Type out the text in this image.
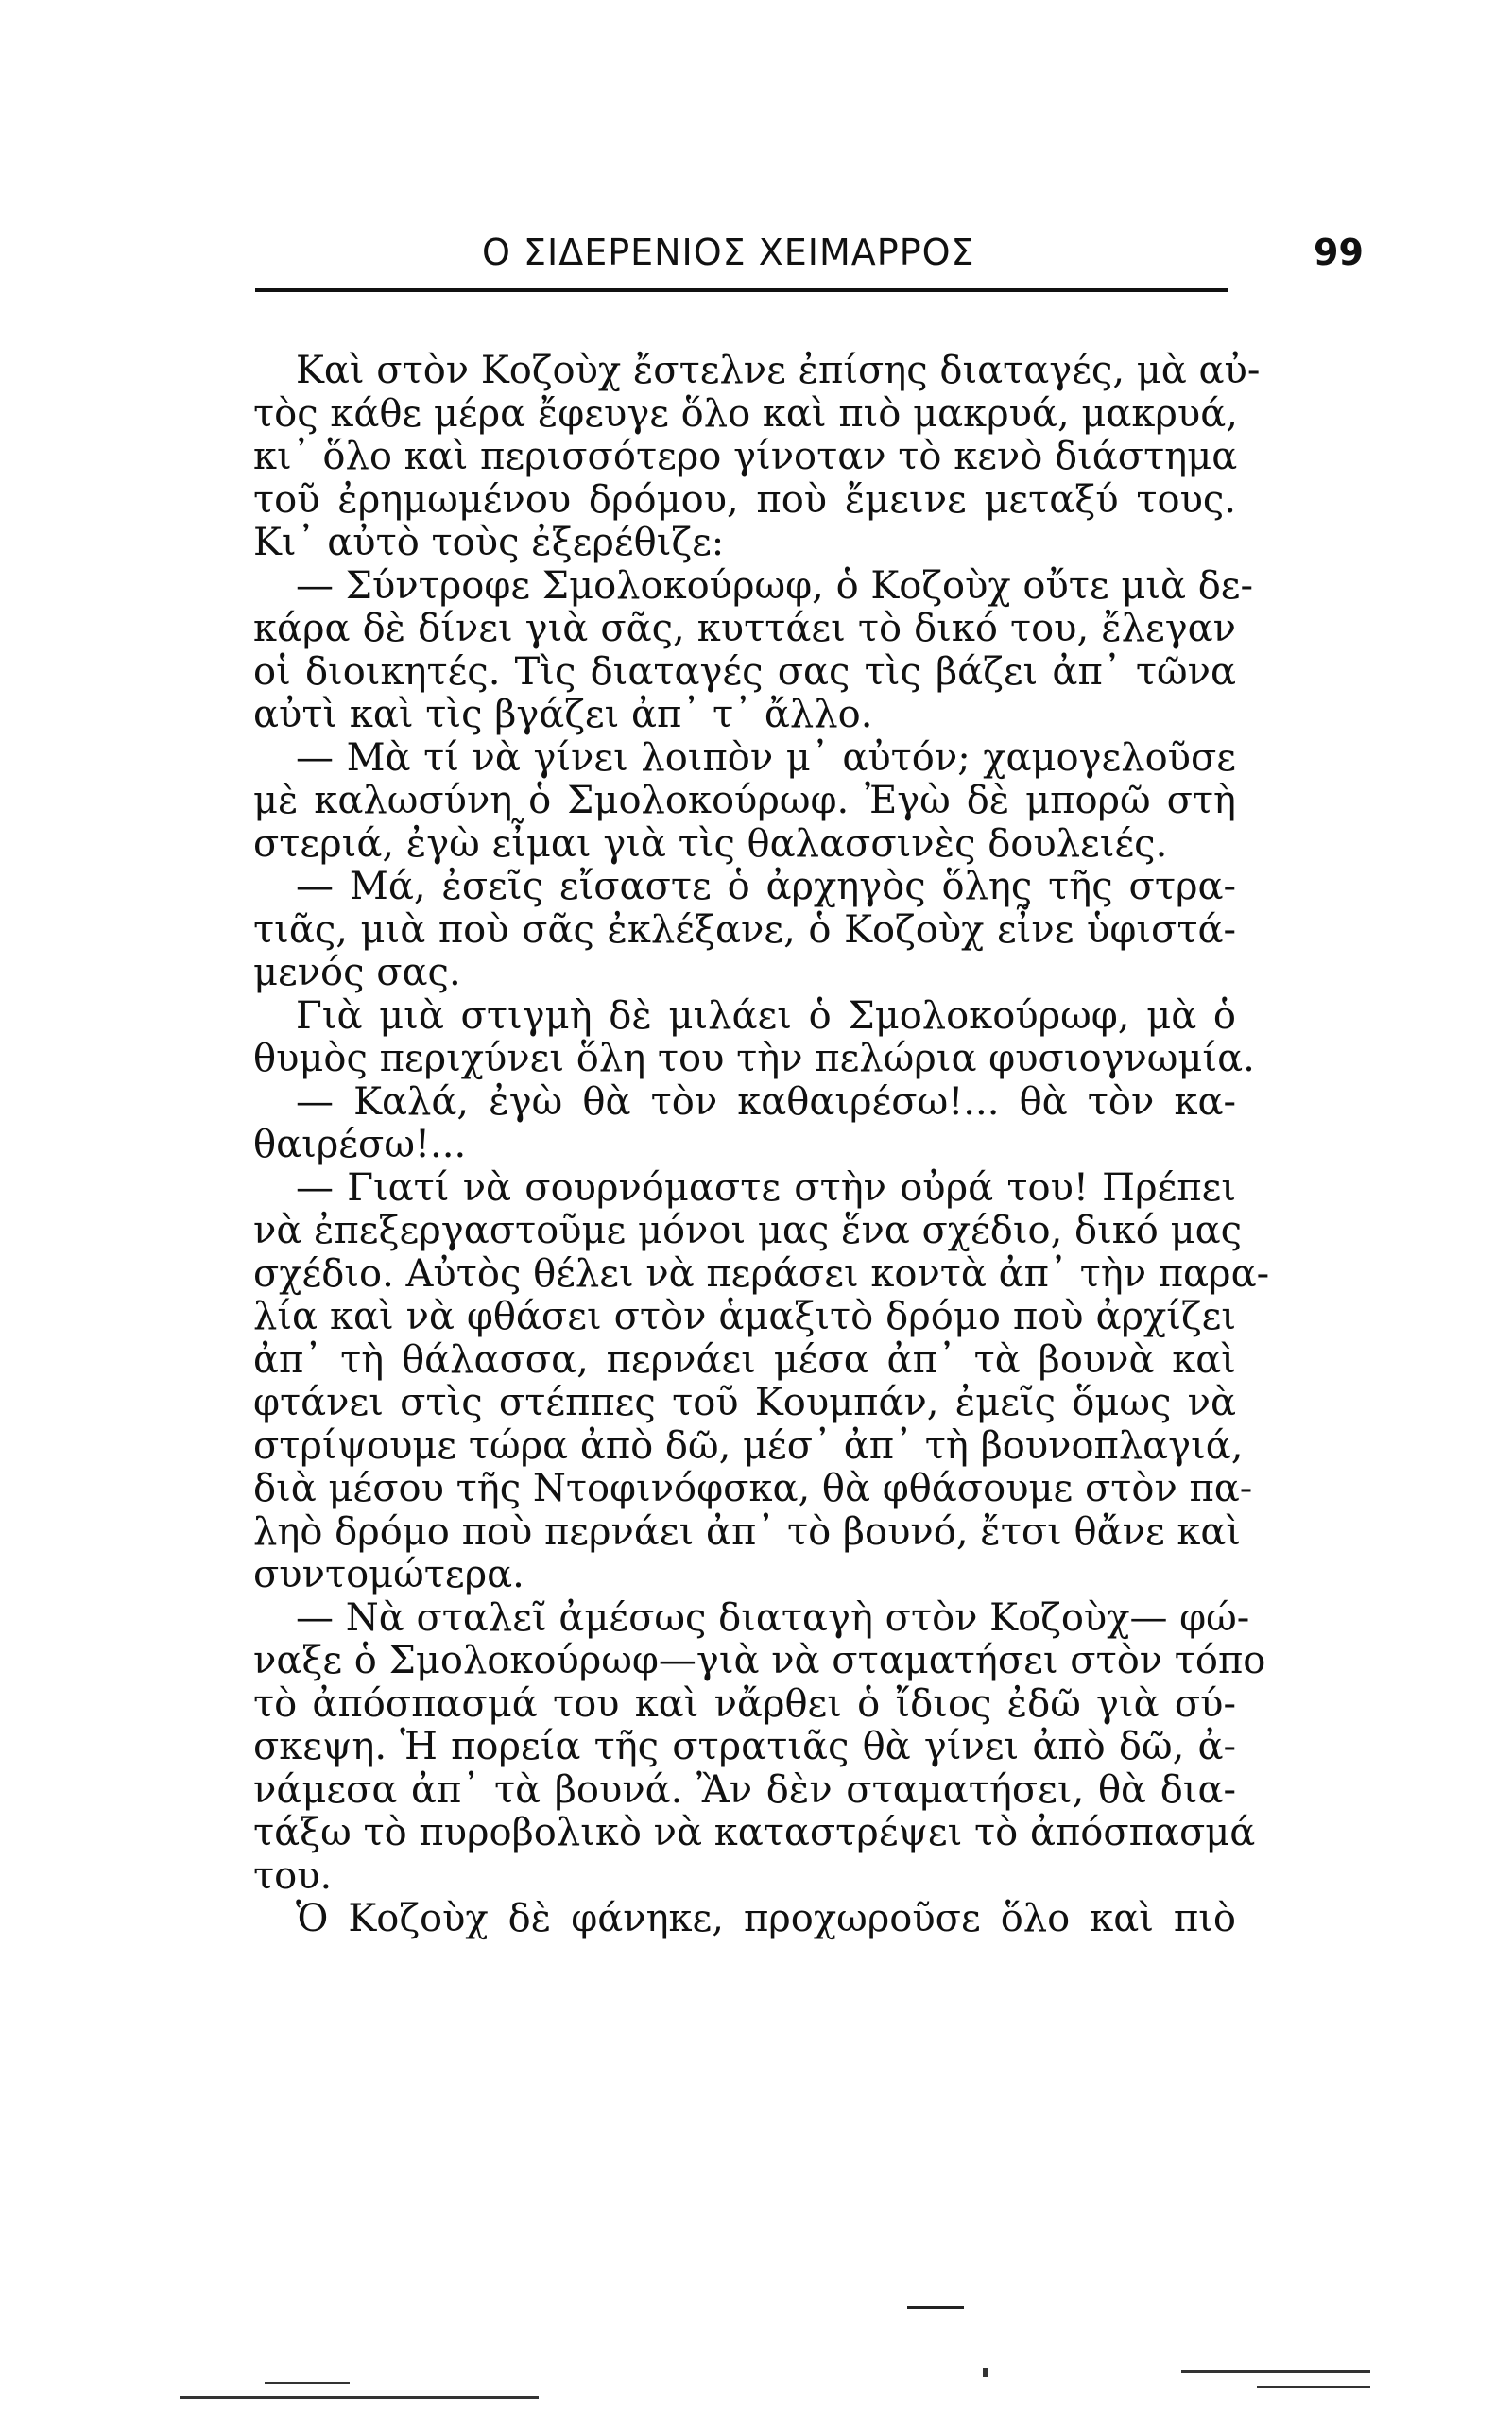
Ο ΣΙΔΕΡΕΝΙΟΣ ΧΕΙΜΑΡΡΟΣ	99
Καὶ στὸν Κοζοὺχ ἔστελνε ἐπίσης διαταγές, μὰ αὐ-
τὸς κάθε μέρα ἔφευγε ὅλο καὶ πιὸ μακρυά, μακρυά,
κι᾽ ὅλο καὶ περισσότερο γίνοταν τὸ κενὸ διάστημα
τοῦ ἐρημωμένου δρόμου, ποὺ ἔμεινε μεταξύ τους.
Κι᾽ αὐτὸ τοὺς ἐξερέθιζε:
— Σύντροφε Σμολοκούρωφ, ὁ Κοζοὺχ οὔτε μιὰ δε-
κάρα δὲ δίνει γιὰ σᾶς, κυττάει τὸ δικό του, ἔλεγαν
οἱ διοικητές. Τὶς διαταγές σας τὶς βάζει ἀπ᾽ τῶνα
αὐτὶ καὶ τὶς βγάζει ἀπ᾽ τ᾽ ἄλλο.
— Μὰ τί νὰ γίνει λοιπὸν μ᾽ αὐτόν; χαμογελοῦσε
μὲ καλωσύνη ὁ Σμολοκούρωφ. Ἐγὼ δὲ μπορῶ στὴ
στεριά, ἐγὼ εἶμαι γιὰ τὶς θαλασσινὲς δουλειές.
— Μά, ἐσεῖς εἴσαστε ὁ ἀρχηγὸς ὅλης τῆς στρα-
τιᾶς, μιὰ ποὺ σᾶς ἐκλέξανε, ὁ Κοζοὺχ εἶνε ὑφιστά-
μενός σας.
Γιὰ μιὰ στιγμὴ δὲ μιλάει ὁ Σμολοκούρωφ, μὰ ὁ
θυμὸς περιχύνει ὅλη του τὴν πελώρια φυσιογνωμία.
— Καλά, ἐγὼ θὰ τὸν καθαιρέσω!... θὰ τὸν κα-
θαιρέσω!...
— Γιατί νὰ σουρνόμαστε στὴν οὐρά του! Πρέπει
νὰ ἐπεξεργαστοῦμε μόνοι μας ἕνα σχέδιο, δικό μας
σχέδιο. Αὐτὸς θέλει νὰ περάσει κοντὰ ἀπ᾽ τὴν παρα-
λία καὶ νὰ φθάσει στὸν ἁμαξιτὸ δρόμο ποὺ ἀρχίζει
ἀπ᾽ τὴ θάλασσα, περνάει μέσα ἀπ᾽ τὰ βουνὰ καὶ
φτάνει στὶς στέππες τοῦ Κουμπάν, ἐμεῖς ὅμως νὰ
στρίψουμε τώρα ἀπὸ δῶ, μέσ᾽ ἀπ᾽ τὴ βουνοπλαγιά,
διὰ μέσου τῆς Ντοφινόφσκα, θὰ φθάσουμε στὸν πα-
ληὸ δρόμο ποὺ περνάει ἀπ᾽ τὸ βουνό, ἔτσι θἄνε καὶ
συντομώτερα.
— Νὰ σταλεῖ ἀμέσως διαταγὴ στὸν Κοζοὺχ— φώ-
ναξε ὁ Σμολοκούρωφ—γιὰ νὰ σταματήσει στὸν τόπο
τὸ ἀπόσπασμά του καὶ νἄρθει ὁ ἴδιος ἐδῶ γιὰ σύ-
σκεψη. Ἡ πορεία τῆς στρατιᾶς θὰ γίνει ἀπὸ δῶ, ἀ-
νάμεσα ἀπ᾽ τὰ βουνά. Ἂν δὲν σταματήσει, θὰ δια-
τάξω τὸ πυροβολικὸ νὰ καταστρέψει τὸ ἀπόσπασμά
του.
Ὁ Κοζοὺχ δὲ φάνηκε, προχωροῦσε ὅλο καὶ πιὸ
